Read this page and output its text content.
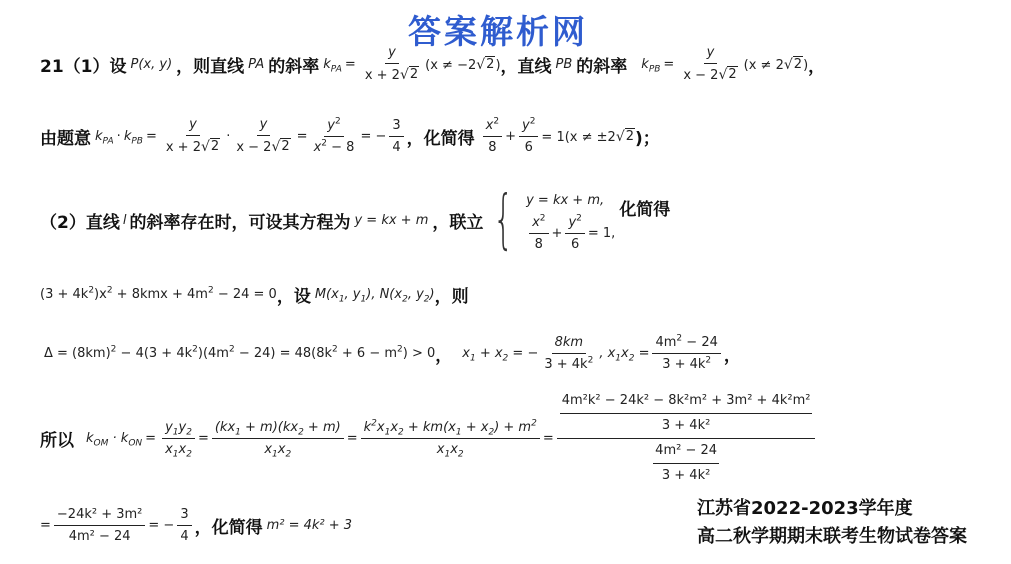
答案解析网
21（1）设 P(x, y) ，则直线 PA 的斜率 $k_{PA} = \frac{y}{x + 2 √ 2} (x \ne -2$ √ 2 ) ，直线 PB 的斜率 $k_{PB} = \frac{y}{x - 2 √ 2} (x \ne 2$ √ 2 ) ，
由题意 $k_{PA} \cdot k_{PB} = \frac{y}{x + 2 √ 2} \cdot \frac{y}{x - 2 √ 2} = \frac{y^2}{x^2 - 8}$ = − $\frac{3}{4}$ ，化简得 $\frac{x^2}{8} + \frac{y^2}{6} = 1(x \ne \pm 2$ √ 2 )；
（2）直线 l 的斜率存在时，可设其方程为 y = kx + m ，联立 { y = kx + m,
$\frac{x^2}{8} + \frac{y^2}{6} = 1$,
化简得
$(3 + 4k^2)x^2 + 8kmx + 4m^2 - 24 = 0$ ，设 $M(x_1$, $y_1$), $N(x_2$, $y_2$) ，则
$\Delta = (8km)^2 - 4(3 + 4k^2)(4m^2 - 24) = 48(8k^2 + 6 - m^2) > 0$ ， $x_1 + x_2$ = − $\frac{8km}{3 + 4k^2}$ , $x_1x_2 = \frac{4m^2 - 24}{3 + 4k^2}$ ，
所以 $k_{OM} \cdot k_{ON} = \frac{y_1y_2}{x_1x_2} = \frac{(kx_1 + m)(kx_2 + m)}{x_1x_2} = \frac{k^2x_1x_2 + km(x_1 + x_2) + m^2}{x_1x_2} = \frac{\frac{\text{4m²k² − 24k² − 8k²m² + 3m² + 4k²m²}}{\text{3 + 4k²}}}{\frac{\text{4m² − 24}}{\text{3 + 4k²}}}$
= $\frac{\text{−24k² + 3m²}}{\text{4m² − 24}}$ = − $\frac{3}{4}$ ，化简得 m² = 4k² + 3
江苏省2022-2023学年度
高二秋学期期末联考生物试卷答案
